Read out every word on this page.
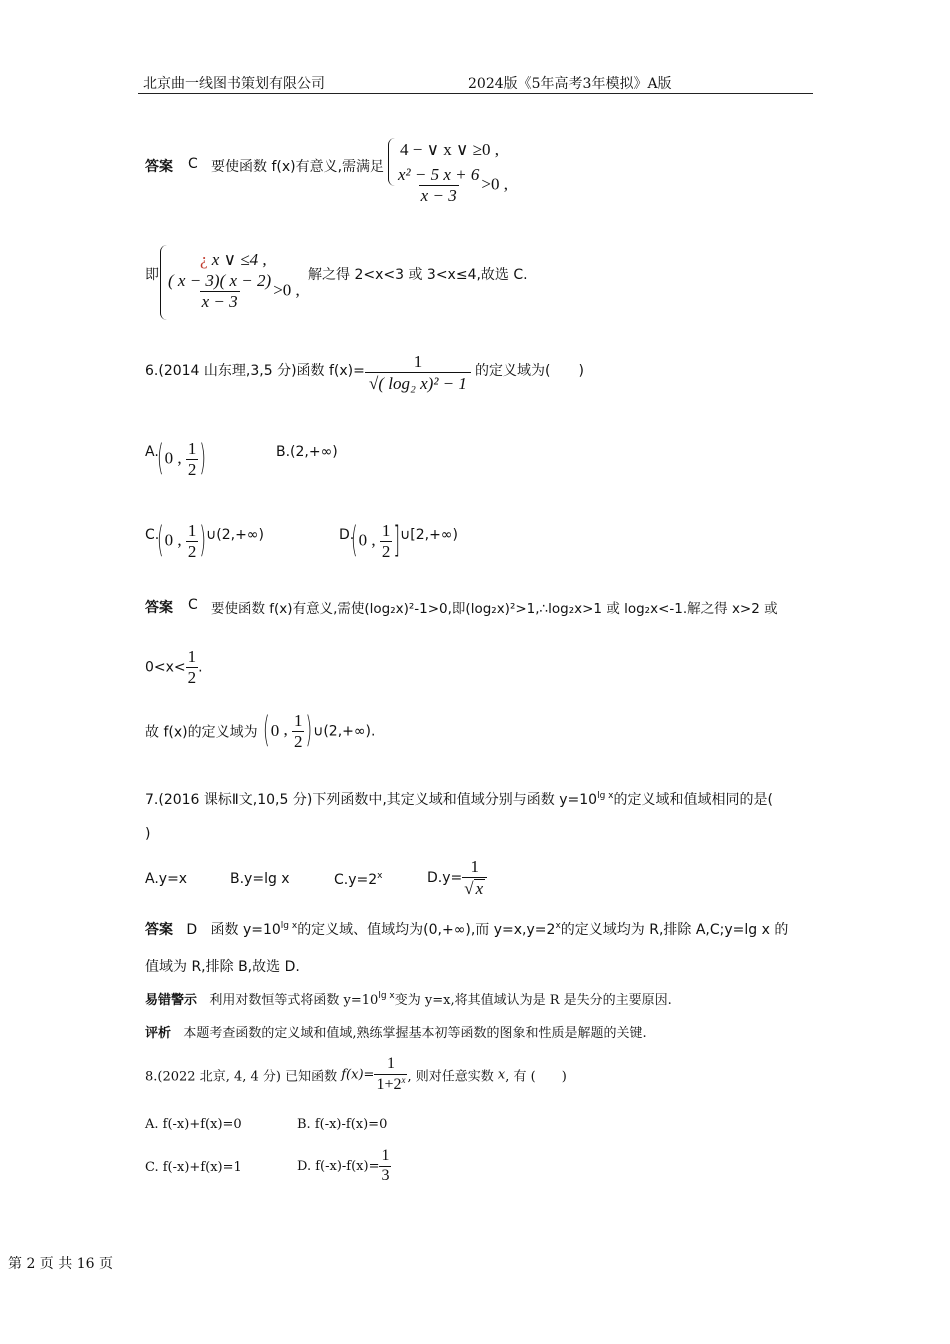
北京曲一线图书策划有限公司	2024版《5年高考3年模拟》A版
答案 C 要使函数 f(x)有意义,需满足
4 − ∨ x ∨ ≥0 ,
$\frac{\text{x² − 5 x + 6}}{x - 3} >0$ ,
即
¿ x ∨ ≤4 ,
$\frac{( x - 3)( x - 2)}{x - 3} >0$ ,
解之得 2<x<3 或 3<x≤4,故选 C.
6.(2014 山东理,3,5 分)函数 $f(x)= \frac{1}{\text{√( log₂ x)² − 1}}$ 的定义域为(　　)
A.
(0 , $\frac{1}{2}$ )	B.(2,+∞)
C.
(0 , $\frac{1}{2}$ ) ∪(2,+∞)	D.
(0 , $\frac{1}{2}$ ] ∪[2,+∞)
答案 C 要使函数 f(x)有意义,需使(log₂x)²-1>0,即(log₂x)²>1,∴log₂x>1 或 log₂x<-1.解之得 x>2 或
$0<x< \frac{1}{2}$ .
故 f(x)的定义域为 (0 , $\frac{1}{2}$ )∪(2,+∞).
7.(2016 课标Ⅱ文,10,5 分)下列函数中,其定义域和值域分别与函数 $y=10^{lg x}$的定义域和值域相同的是(
)
A.y=x	B.y=lg x	$C.y=2^x$	$D.y= \frac{1}{√ x}$
答案 D 函数 $y=10^{lg x}$的定义域、值域均为(0,+∞),而 $y=x,y=2^x$的定义域均为 R,排除 A,C;y=lg x 的
值域为 R,排除 B,故选 D.
易错警示 利用对数恒等式将函数 $y=10^{lg x}$变为 y=x,将其值域认为是 R 是失分的主要原因.
评析 本题考查函数的定义域和值域,熟练掌握基本初等函数的图象和性质是解题的关键.
8.(2022 北京, 4, 4 分) 已知函数 $f(x)= \frac{1}{1+2^x}$ , 则对任意实数 x, 有 (　　)
A. f(-x)+f(x)=0	B. f(-x)-f(x)=0
C. f(-x)+f(x)=1	D. $f(-x)-f(x)= \frac{1}{3}$
第 2 页 共 16 页
